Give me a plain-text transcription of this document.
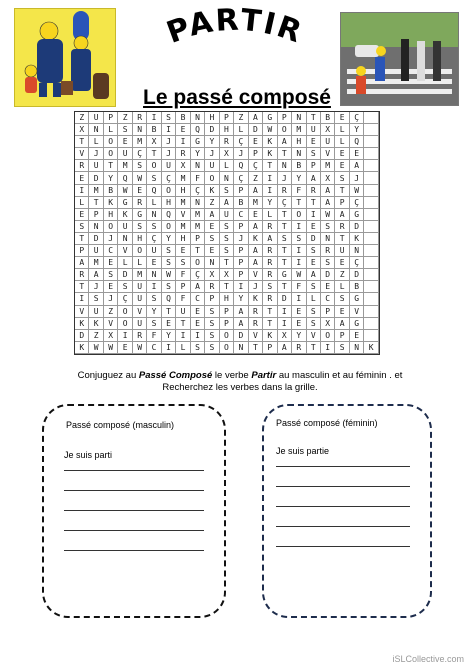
PARTIR
Le passé composé
Z	U	P	Z	R	I	S	B	N	H	P	Z	A	G	P	N	T	B	E	Ç
X	N	L	S	N	B	I	E	Q	D	H	L	D	W	O	M	U	X	L	Y
T	L	O	E	M	X	J	I	G	Y	R	Ç	E	K	A	H	E	U	L	Q
V	J	O	U	Ç	T	J	R	Y	J	X	J	P	K	T	N	S	V	E	E
R	U	T	M	S	O	U	X	N	U	L	Q	Ç	T	N	B	P	M	E	A
E	D	Y	Q	W	S	Ç	M	F	O	N	Ç	Z	I	J	Y	A	X	S	J
I	M	B	W	E	Q	O	H	Ç	K	S	P	A	I	R	F	R	A	T	W
L	T	K	G	R	L	H	M	N	Z	A	B	M	Y	Ç	T	T	A	P	Ç
E	P	H	K	G	N	Q	V	M	A	U	C	E	L	T	O	I	W	A	G
S	N	O	U	S	S	O	M	M	E	S	P	A	R	T	I	E	S	R	D
T	D	J	N	H	Ç	Y	H	P	S	S	J	K	A	S	S	D	N	T	K
P	U	C	V	O	U	S	E	T	E	S	P	A	R	T	I	S	R	U	N
A	M	E	L	L	E	S	S	O	N	T	P	A	R	T	I	E	S	E	Ç
R	A	S	D	M	N	W	F	Ç	X	X	P	V	R	G	W	A	D	Z	D
T	J	E	S	U	I	S	P	A	R	T	I	J	S	T	F	S	E	L	B
I	S	J	Ç	U	S	Q	F	C	P	H	Y	K	R	D	I	L	C	S	G
V	U	Z	O	V	Y	T	U	E	S	P	A	R	T	I	E	S	P	E	V
K	K	V	O	U	S	E	T	E	S	P	A	R	T	I	E	S	X	A	G
D	Z	X	I	R	F	Y	I	I	S	O	D	V	K	X	Y	V	O	P	E
K	W	W	E	W	C	I	L	S	S	O	N	T	P	A	R	T	I	S	N	K
Conjuguez au Passé Composé le verbe Partir au masculin et au féminin . et
Recherchez les verbes dans la grille.
Passé composé (masculin)
Je suis parti
Passé composé (féminin)
Je suis partie
iSLCollective.com
